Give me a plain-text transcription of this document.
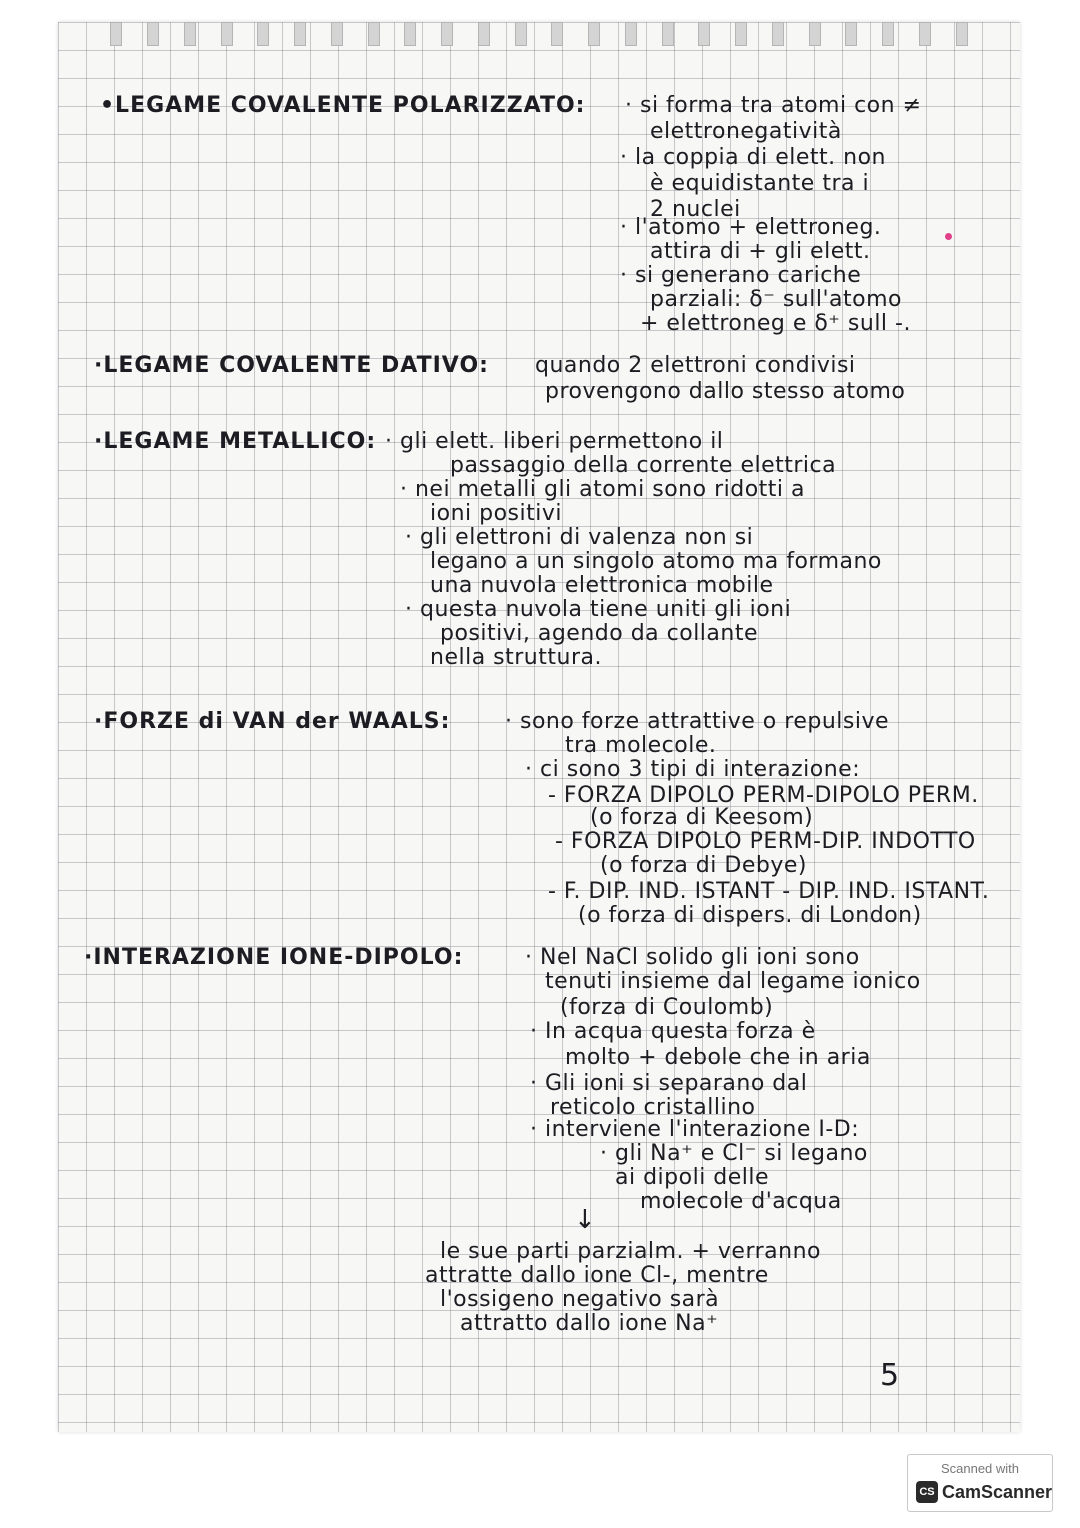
•LEGAME COVALENTE POLARIZZATO: · si forma tra atomi con ≠
elettronegatività
· la coppia di elett. non
è equidistante tra i
2 nuclei
· l'atomo + elettroneg.
attira di + gli elett.
· si generano cariche
parziali: δ⁻ sull'atomo
+ elettroneg e δ⁺ sull -.
·LEGAME COVALENTE DATIVO: quando 2 elettroni condivisi
provengono dallo stesso atomo
·LEGAME METALLICO: · gli elett. liberi permettono il
passaggio della corrente elettrica
· nei metalli gli atomi sono ridotti a
ioni positivi
· gli elettroni di valenza non si
legano a un singolo atomo ma formano
una nuvola elettronica mobile
· questa nuvola tiene uniti gli ioni
positivi, agendo da collante
nella struttura.
·FORZE di VAN der WAALS: · sono forze attrattive o repulsive
tra molecole.
· ci sono 3 tipi di interazione:
- FORZA DIPOLO PERM-DIPOLO PERM.
(o forza di Keesom)
- FORZA DIPOLO PERM-DIP. INDOTTO
(o forza di Debye)
- F. DIP. IND. ISTANT - DIP. IND. ISTANT.
(o forza di dispers. di London)
·INTERAZIONE IONE-DIPOLO:	· Nel NaCl solido gli ioni sono
tenuti insieme dal legame ionico
(forza di Coulomb)
· In acqua questa forza è
molto + debole che in aria
· Gli ioni si separano dal
reticolo cristallino
· interviene l'interazione I-D:
· gli Na⁺ e Cl⁻ si legano
ai dipoli delle
molecole d'acqua
↓
le sue parti parzialm. + verranno
attratte dallo ione Cl-, mentre
l'ossigeno negativo sarà
attratto dallo ione Na⁺
5
Scanned with
CS CamScanner
